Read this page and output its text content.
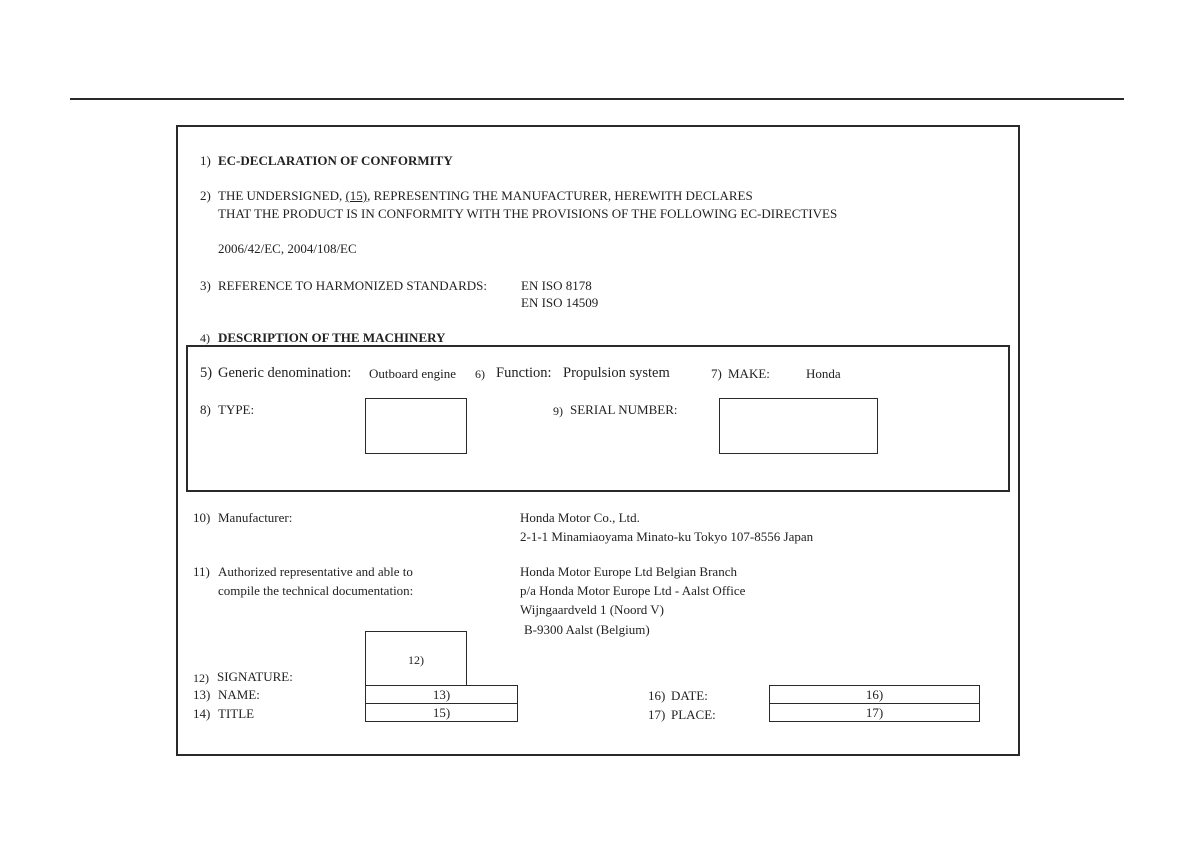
1) EC-DECLARATION OF CONFORMITY
2) THE UNDERSIGNED, (15), REPRESENTING THE MANUFACTURER, HEREWITH DECLARES
THAT THE PRODUCT IS IN CONFORMITY WITH THE PROVISIONS OF THE FOLLOWING EC-DIRECTIVES
2006/42/EC, 2004/108/EC
3) REFERENCE TO HARMONIZED STANDARDS:	EN ISO 8178
EN ISO 14509
4) DESCRIPTION OF THE MACHINERY
5) Generic denomination: Outboard engine 6) Function: Propulsion system	7) MAKE:	Honda
8) TYPE:	9) SERIAL NUMBER:
10) Manufacturer:	Honda Motor Co., Ltd.
2-1-1 Minamiaoyama Minato-ku Tokyo 107-8556 Japan
11) Authorized representative and able to
compile the technical documentation:
Honda Motor Europe Ltd Belgian Branch
p/a Honda Motor Europe Ltd - Aalst Office
Wijngaardveld 1 (Noord V)
B-9300 Aalst (Belgium)
12)
12) SIGNATURE:
13) NAME:	13)
14) TITLE	15)
16) DATE:	16)
17) PLACE:	17)
